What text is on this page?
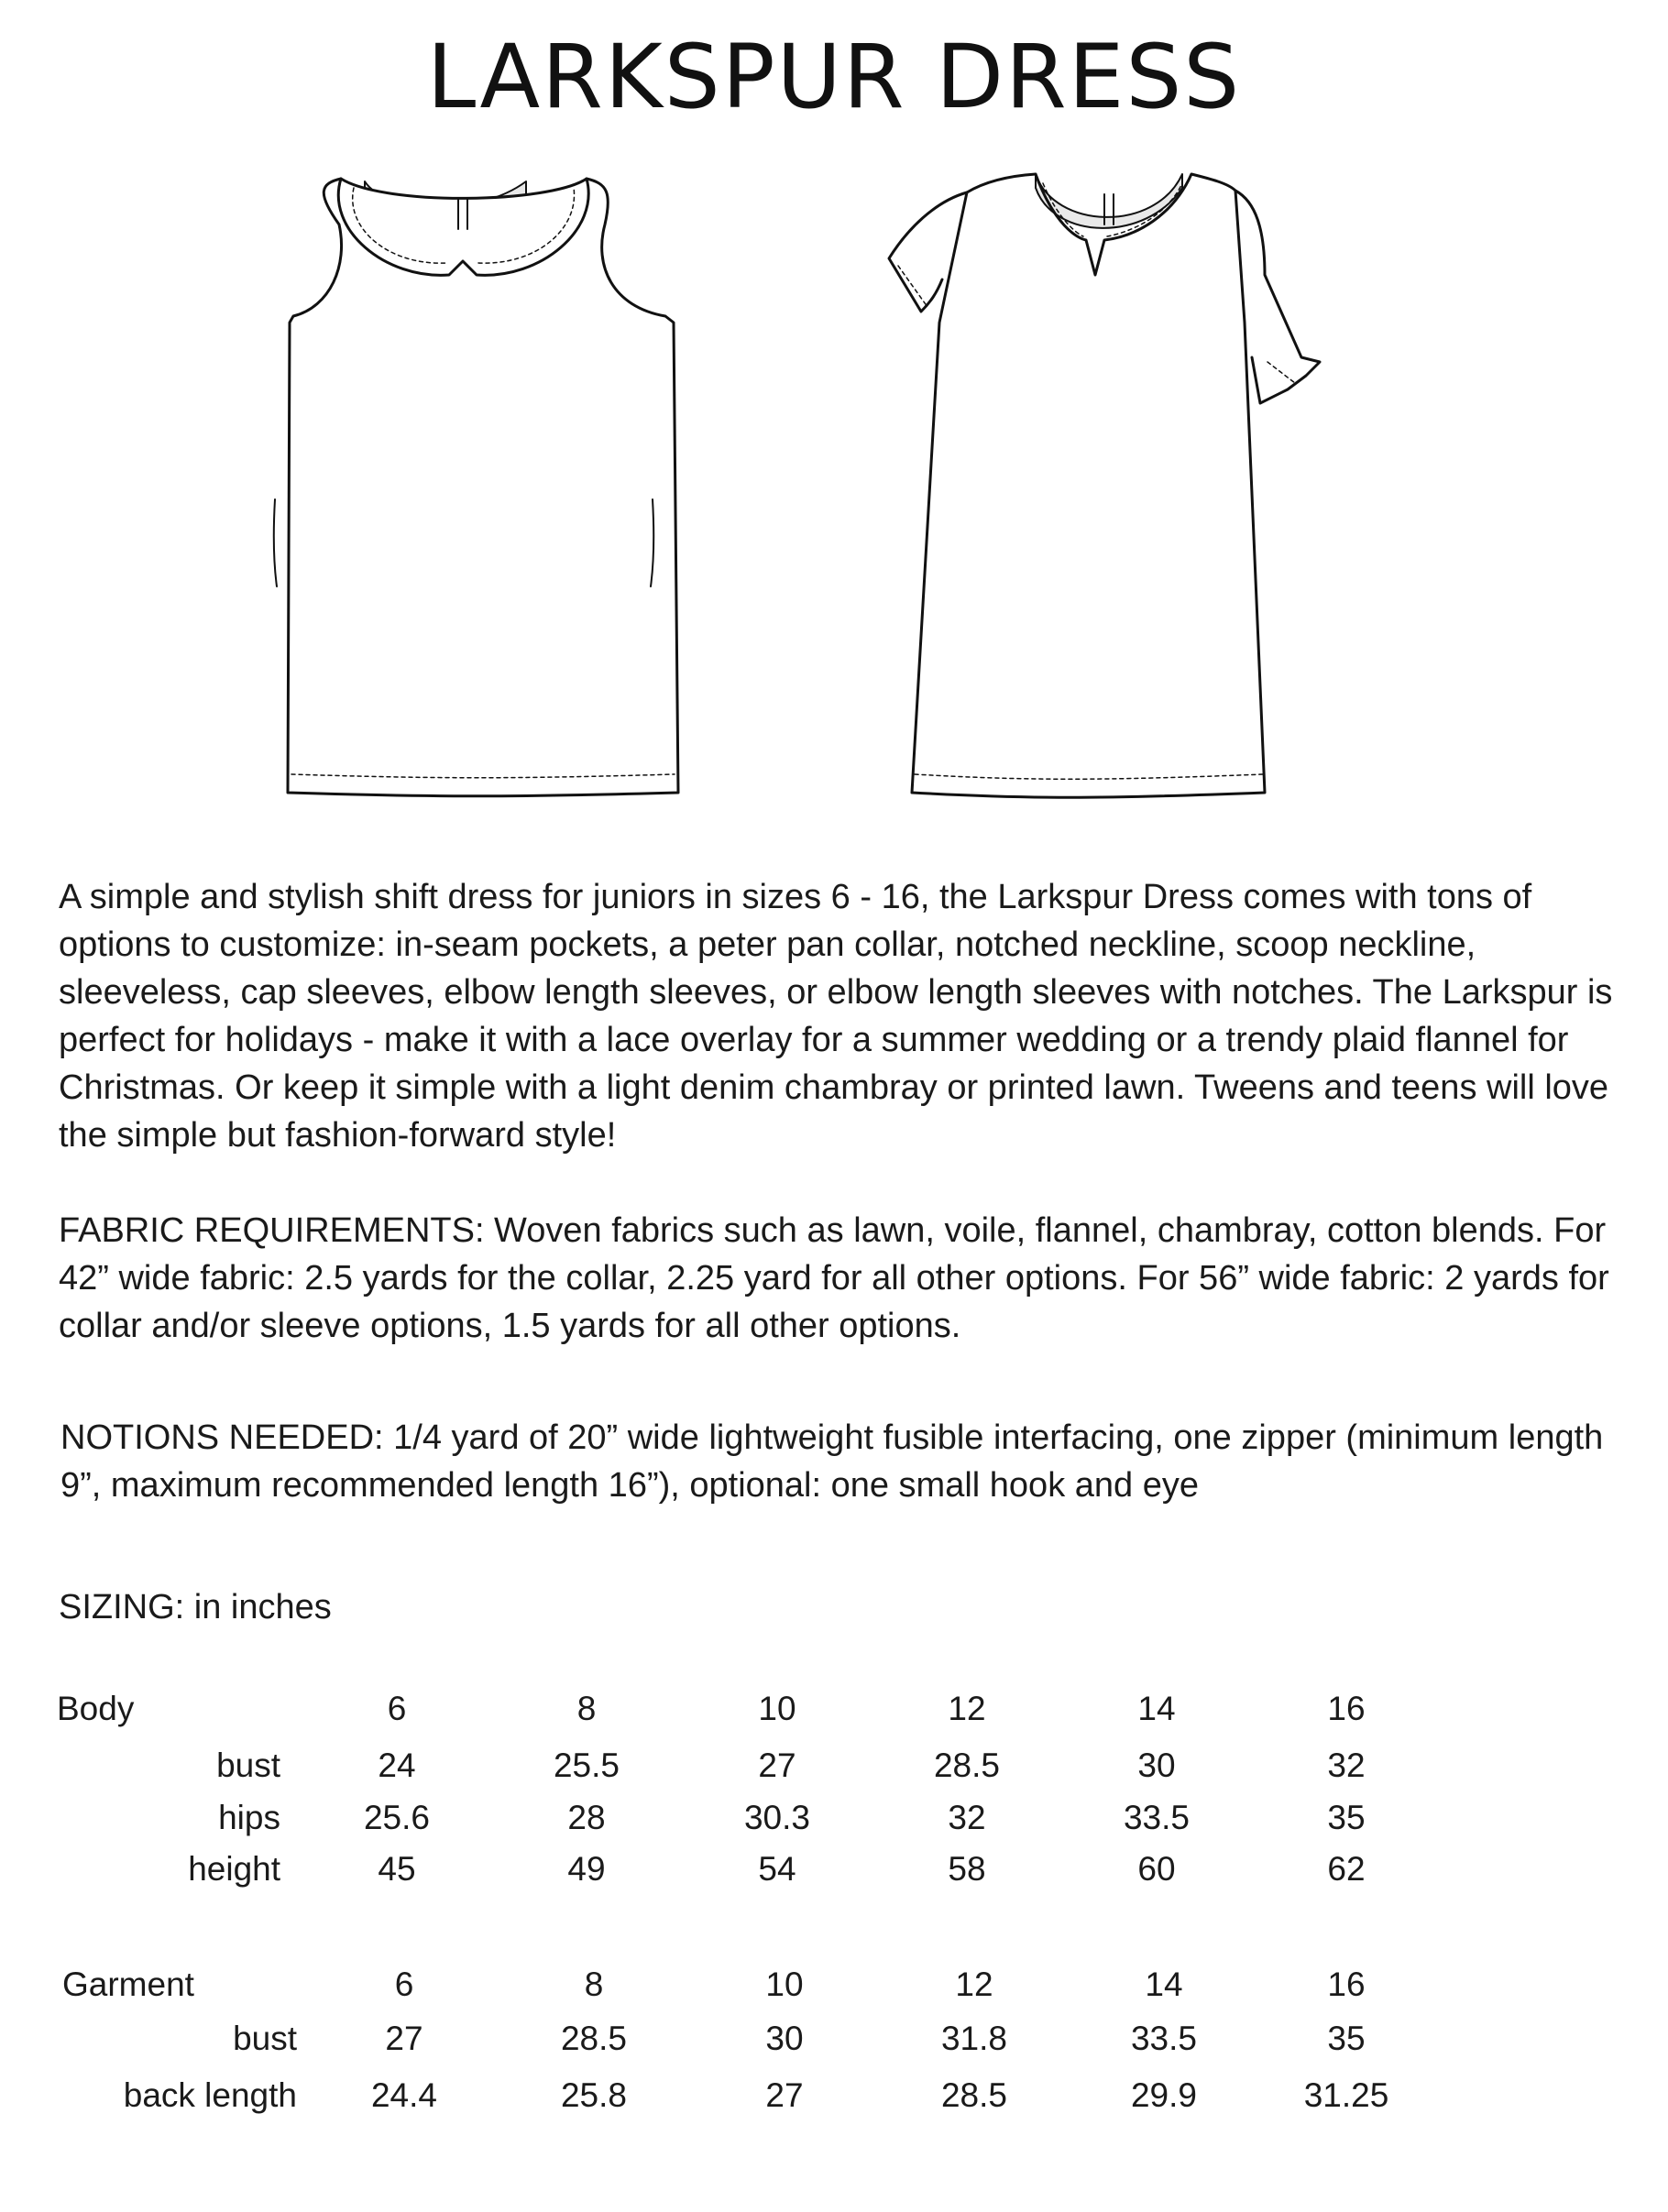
LARKSPUR DRESS

A simple and stylish shift dress for juniors in sizes 6 - 16, the Larkspur Dress comes with tons of options to customize: in-seam pockets, a peter pan collar, notched neckline, scoop neckline, sleeveless, cap sleeves, elbow length sleeves, or elbow length sleeves with notches. The Larkspur is perfect for holidays - make it with a lace overlay for a summer wedding or a trendy plaid flannel for Christmas. Or keep it simple with a light denim chambray or printed lawn. Tweens and teens will love the simple but fashion-forward style!

FABRIC REQUIREMENTS: Woven fabrics such as lawn, voile, flannel, chambray, cotton blends. For 42” wide fabric: 2.5 yards for the collar, 2.25 yard for all other options. For 56” wide fabric: 2 yards for collar and/or sleeve options, 1.5 yards for all other options.

NOTIONS NEEDED: 1/4 yard of 20” wide lightweight fusible interfacing, one zipper (minimum length 9”, maximum recommended length 16”), optional: one small hook and eye

SIZING: in inches

Body	6	8	10	12	14	16
bust	24	25.5	27	28.5	30	32
hips	25.6	28	30.3	32	33.5	35
height	45	49	54	58	60	62
Garment	6	8	10	12	14	16
bust	27	28.5	30	31.8	33.5	35
back length	24.4	25.8	27	28.5	29.9	31.25
